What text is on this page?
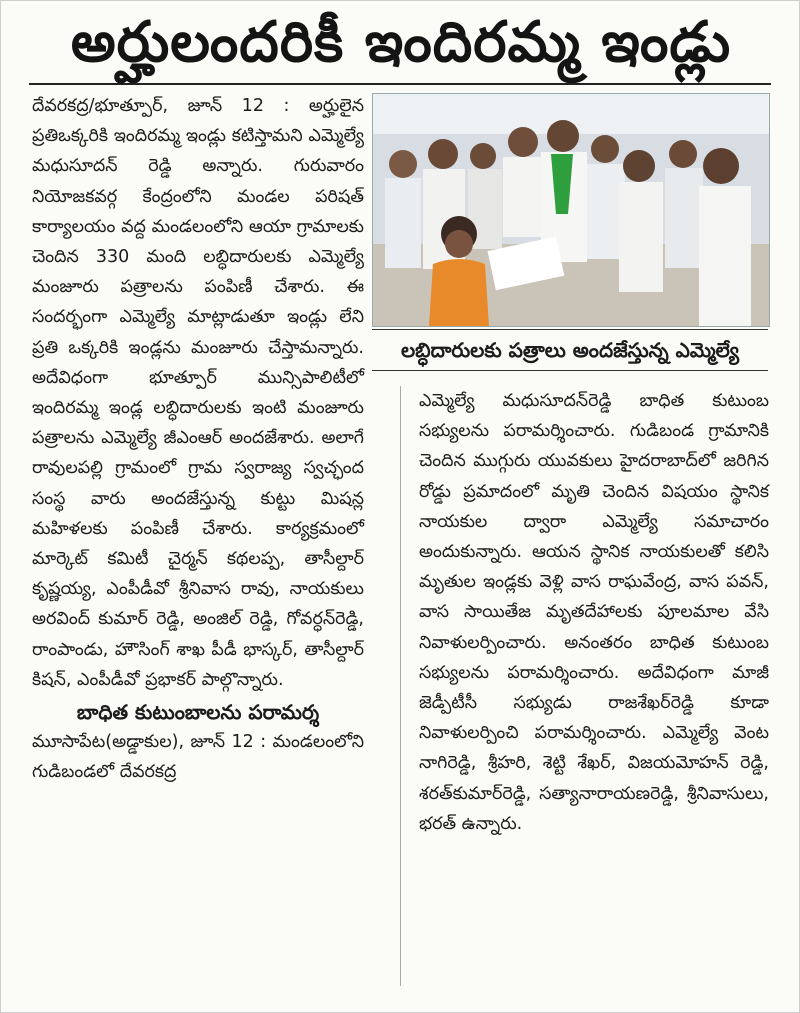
అర్హులందరికీ ఇందిరమ్మ ఇండ్లు

దేవరకద్ర/భూత్పూర్, జూన్ 12 : అర్హులైన ప్రతిఒక్కరికి ఇందిరమ్మ ఇండ్లు కటిస్తామని ఎమ్మెల్యే మధుసూదన్ రెడ్డి అన్నారు. గురువారం నియోజకవర్గ కేంద్రంలోని మండల పరిషత్ కార్యాలయం వద్ద మండలంలోని ఆయా గ్రామాలకు చెందిన 330 మంది లబ్ధిదారులకు ఎమ్మెల్యే మంజూరు పత్రాలను పంపిణీ చేశారు. ఈ సందర్భంగా ఎమ్మెల్యే మాట్లాడుతూ ఇండ్లు లేని ప్రతి ఒక్కరికి ఇండ్లను మంజూరు చేస్తామన్నారు. అదేవిధంగా భూత్పూర్ మున్సిపాలిటీలో ఇందిరమ్మ ఇండ్ల లబ్ధిదారులకు ఇంటి మంజూరు పత్రాలను ఎమ్మెల్యే జీఎంఆర్ అందజేశారు. అలాగే రావులపల్లి గ్రామంలో గ్రామ స్వరాజ్య స్వచ్ఛంద సంస్థ వారు అందజేస్తున్న కుట్టు మిషన్ల మహిళలకు పంపిణీ చేశారు. కార్యక్రమంలో మార్కెట్ కమిటీ చైర్మన్ కథలప్ప, తాసీల్దార్ కృష్ణయ్య, ఎంపీడీవో శ్రీనివాస రావు, నాయకులు అరవింద్ కుమార్ రెడ్డి, అంజిల్ రెడ్డి, గోవర్ధన్‌రెడ్డి, రాంపాండు, హౌసింగ్ శాఖ పీడీ భాస్కర్, తాసీల్దార్ కిషన్, ఎంపీడీవో ప్రభాకర్ పాల్గొన్నారు.

బాధిత కుటుంబాలను పరామర్శ

మూసాపేట(అడ్డాకుల), జూన్ 12 : మండలంలోని గుడిబండలో దేవరకద్ర

లబ్ధిదారులకు పత్రాలు అందజేస్తున్న ఎమ్మెల్యే

ఎమ్మెల్యే మధుసూదన్‌రెడ్డి బాధిత కుటుంబ సభ్యులను పరామర్శించారు. గుడిబండ గ్రామానికి చెందిన ముగ్గురు యువకులు హైదరాబాద్‌లో జరిగిన రోడ్డు ప్రమాదంలో మృతి చెందిన విషయం స్థానిక నాయకుల ద్వారా ఎమ్మెల్యే సమాచారం అందుకున్నారు. ఆయన స్థానిక నాయకులతో కలిసి మృతుల ఇండ్లకు వెళ్లి వాస రాఘవేంద్ర, వాస పవన్, వాస సాయితేజ మృతదేహాలకు పూలమాల వేసి నివాళులర్పించారు. అనంతరం బాధిత కుటుంబ సభ్యులను పరామర్శించారు. అదేవిధంగా మాజీ జెడ్పీటీసీ సభ్యుడు రాజశేఖర్‌రెడ్డి కూడా నివాళులర్పించి పరామర్శించారు. ఎమ్మెల్యే వెంట నాగిరెడ్డి, శ్రీహరి, శెట్టి శేఖర్, విజయమోహన్ రెడ్డి, శరత్‌కుమార్‌రెడ్డి, సత్యానారాయణరెడ్డి, శ్రీనివాసులు, భరత్ ఉన్నారు.
